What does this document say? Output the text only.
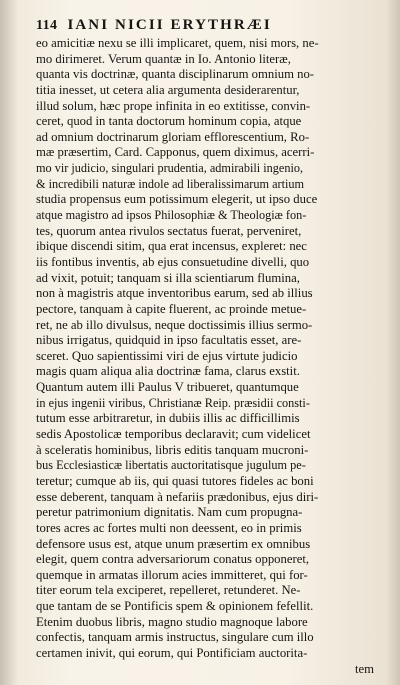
114 IANI NICII ERYTHRÆI
eo amicitiæ nexu se illi implicaret, quem, nisi mors, ne-
mo dirimeret. Verum quantæ in Io. Antonio literæ,
quanta vis doctrinæ, quanta disciplinarum omnium no-
titia inesset, ut cetera alia argumenta desiderarentur,
illud solum, hæc prope infinita in eo extitisse, convin-
ceret, quod in tanta doctorum hominum copia, atque
ad omnium doctrinarum gloriam efflorescentium, Ro-
mæ præsertim, Card. Capponus, quem diximus, acerri-
mo vir judicio, singulari prudentia, admirabili ingenio,
& incredibili naturæ indole ad liberalissimarum artium
studia propensus eum potissimum elegerit, ut ipso duce
atque magistro ad ipsos Philosophiæ & Theologiæ fon-
tes, quorum antea rivulos sectatus fuerat, perveniret,
ibique discendi sitim, qua erat incensus, expleret: nec
iis fontibus inventis, ab ejus consuetudine divelli, quo
ad vixit, potuit; tanquam si illa scientiarum flumina,
non à magistris atque inventoribus earum, sed ab illius
pectore, tanquam à capite fluerent, ac proinde metue-
ret, ne ab illo divulsus, neque doctissimis illius sermo-
nibus irrigatus, quidquid in ipso facultatis esset, are-
sceret. Quo sapientissimi viri de ejus virtute judicio
magis quam aliqua alia doctrinæ fama, clarus exstit.
Quantum autem illi Paulus V tribueret, quantumque
in ejus ingenii viribus, Christianæ Reip. præsidii consti-
tutum esse arbitraretur, in dubiis illis ac difficillimis
sedis Apostolicæ temporibus declaravit; cum videlicet
à sceleratis hominibus, libris editis tanquam mucroni-
bus Ecclesiasticæ libertatis auctoritatisque jugulum pe-
teretur; cumque ab iis, qui quasi tutores fideles ac boni
esse deberent, tanquam à nefariis prædonibus, ejus diri-
peretur patrimonium dignitatis. Nam cum propugna-
tores acres ac fortes multi non deessent, eo in primis
defensore usus est, atque unum præsertim ex omnibus
elegit, quem contra adversariorum conatus opponeret,
quemque in armatas illorum acies immitteret, qui for-
titer eorum tela exciperet, repelleret, retunderet. Ne-
que tantam de se Pontificis spem & opinionem fefellit.
Etenim duobus libris, magno studio magnoque labore
confectis, tanquam armis instructus, singulare cum illo
certamen inivit, qui eorum, qui Pontificiam auctorita-
tem
